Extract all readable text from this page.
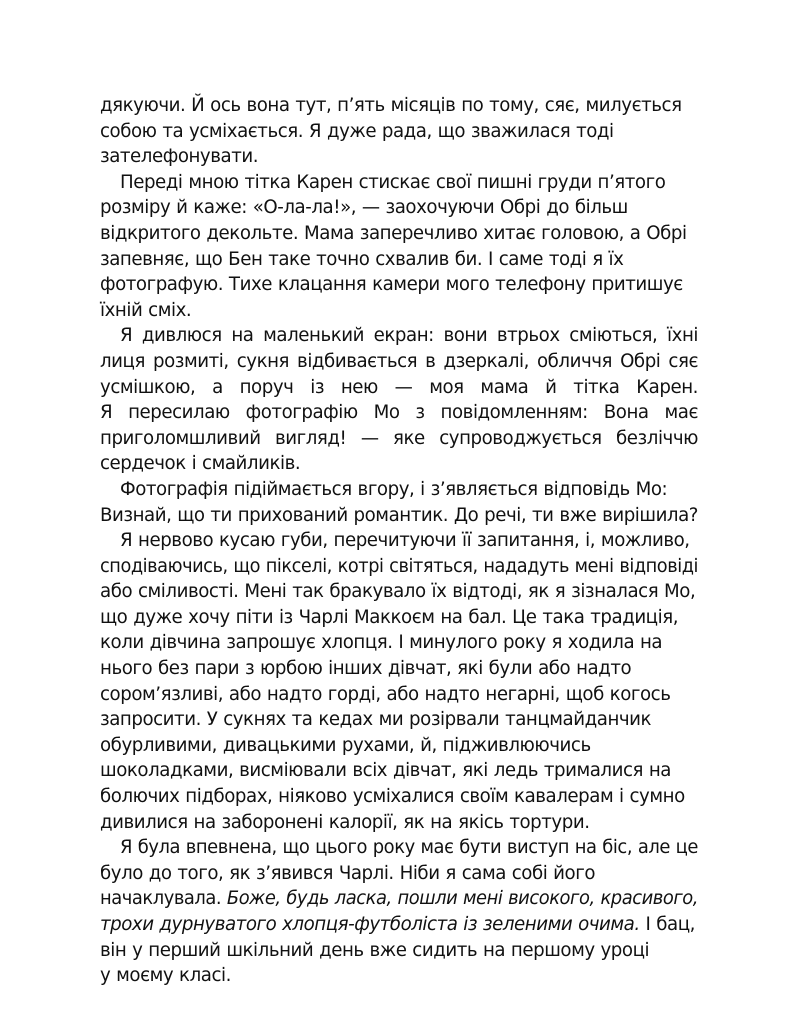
дякуючи. Й ось вона тут, п’ять місяців по тому, сяє, милується
собою та усміхається. Я дуже рада, що зважилася тоді
зателефонувати.
Переді мною тітка Карен стискає свої пишні груди п’ятого
розміру й каже: «О-ла-ла!», — заохочуючи Обрі до більш
відкритого декольте. Мама заперечливо хитає головою, а Обрі
запевняє, що Бен таке точно схвалив би. І саме тоді я їх
фотографую. Тихе клацання камери мого телефону притишує
їхній сміх.
Я дивлюся на маленький екран: вони втрьох сміються, їхні
лиця розмиті, сукня відбивається в дзеркалі, обличчя Обрі сяє
усмішкою, а поруч із нею — моя мама й тітка Карен.
Я пересилаю фотографію Мо з повідомленням: Вона має
приголомшливий вигляд! — яке супроводжується безліччю
сердечок і смайликів.
Фотографія підіймається вгору, і з’являється відповідь Мо:
Визнай, що ти прихований романтик. До речі, ти вже вирішила?
Я нервово кусаю губи, перечитуючи її запитання, і, можливо,
сподіваючись, що пікселі, котрі світяться, нададуть мені відповіді
або сміливості. Мені так бракувало їх відтоді, як я зізналася Мо,
що дуже хочу піти із Чарлі Маккоєм на бал. Це така традиція,
коли дівчина запрошує хлопця. І минулого року я ходила на
нього без пари з юрбою інших дівчат, які були або надто
сором’язливі, або надто горді, або надто негарні, щоб когось
запросити. У сукнях та кедах ми розірвали танцмайданчик
обурливими, дивацькими рухами, й, підживлюючись
шоколадками, висміювали всіх дівчат, які ледь трималися на
болючих підборах, ніяково усміхалися своїм кавалерам і сумно
дивилися на заборонені калорії, як на якісь тортури.
Я була впевнена, що цього року має бути виступ на біс, але це
було до того, як з’явився Чарлі. Ніби я сама собі його
начаклувала. Боже, будь ласка, пошли мені високого, красивого,
трохи дурнуватого хлопця-футболіста із зеленими очима. І бац,
він у перший шкільний день вже сидить на першому уроці
у моєму класі.
